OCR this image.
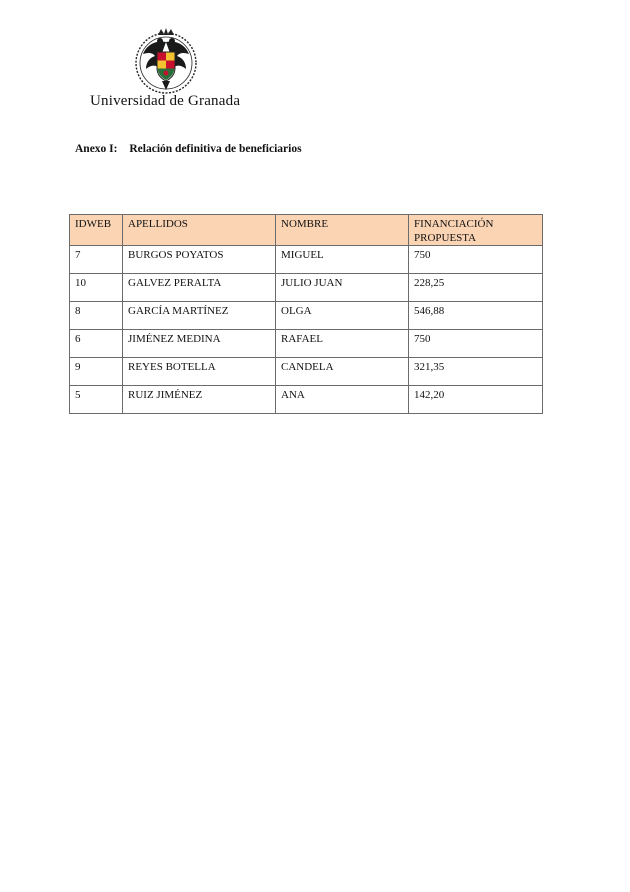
Universidad de Granada
Anexo I: Relación definitiva de beneficiarios
IDWEB	APELLIDOS	NOMBRE	FINANCIACIÓN PROPUESTA
7	BURGOS POYATOS	MIGUEL	750
10	GALVEZ PERALTA	JULIO JUAN	228,25
8	GARCÍA MARTÍNEZ	OLGA	546,88
6	JIMÉNEZ MEDINA	RAFAEL	750
9	REYES BOTELLA	CANDELA	321,35
5	RUIZ JIMÉNEZ	ANA	142,20
